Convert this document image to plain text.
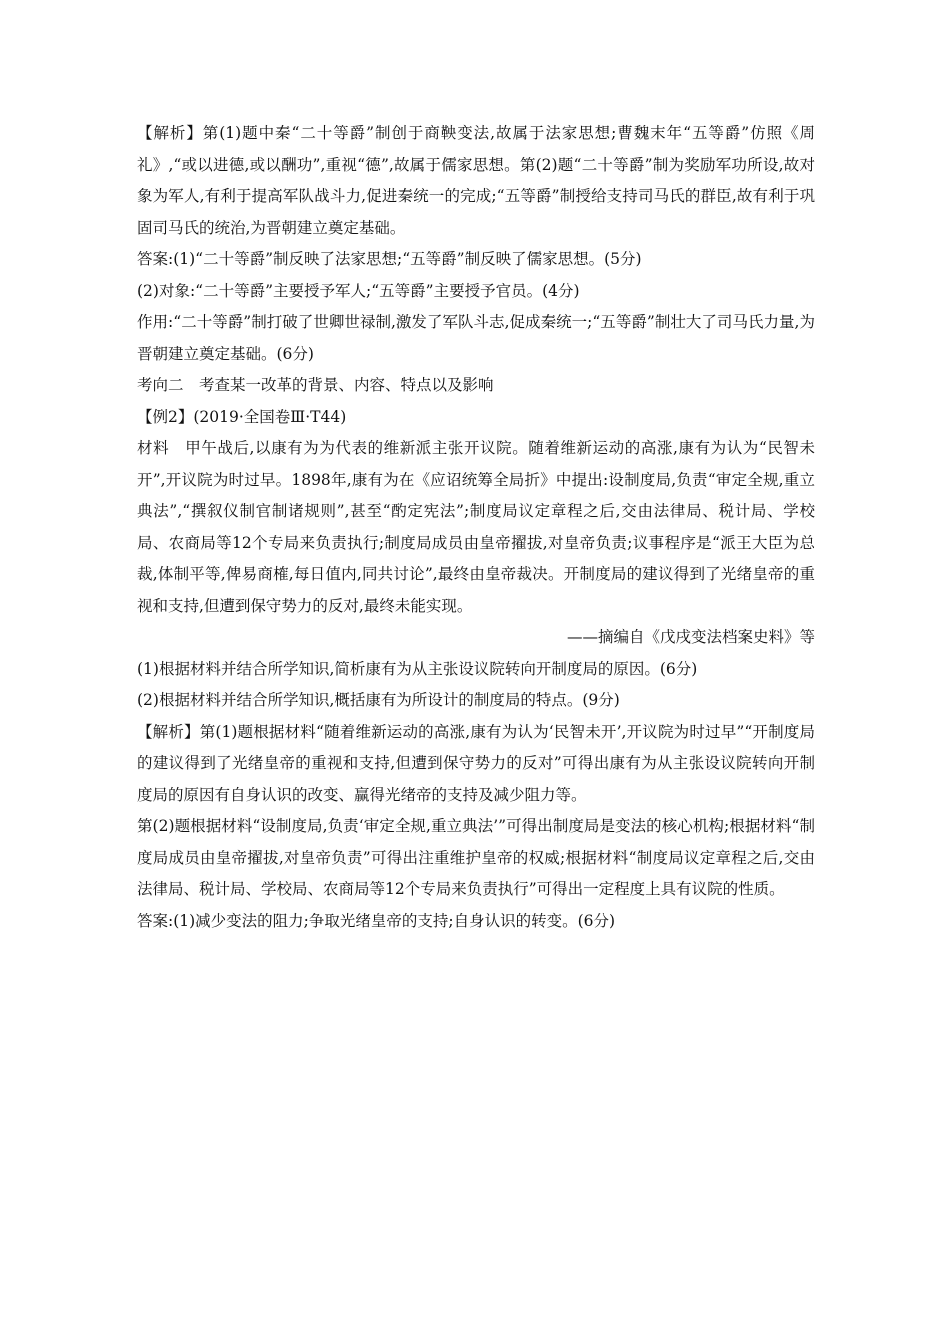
【解析】第(1)题中秦“二十等爵”制创于商鞅变法,故属于法家思想;曹魏末年“五等爵”仿照《周礼》,“或以进德,或以酬功”,重视“德”,故属于儒家思想。第(2)题“二十等爵”制为奖励军功所设,故对象为军人,有利于提高军队战斗力,促进秦统一的完成;“五等爵”制授给支持司马氏的群臣,故有利于巩固司马氏的统治,为晋朝建立奠定基础。

答案:(1)“二十等爵”制反映了法家思想;“五等爵”制反映了儒家思想。(5分)

(2)对象:“二十等爵”主要授予军人;“五等爵”主要授予官员。(4分)

作用:“二十等爵”制打破了世卿世禄制,激发了军队斗志,促成秦统一;“五等爵”制壮大了司马氏力量,为晋朝建立奠定基础。(6分)

考向二　考查某一改革的背景、内容、特点以及影响

【例2】(2019·全国卷Ⅲ·T44)

材料　甲午战后,以康有为为代表的维新派主张开议院。随着维新运动的高涨,康有为认为“民智未开”,开议院为时过早。1898年,康有为在《应诏统筹全局折》中提出:设制度局,负责“审定全规,重立典法”,“撰叙仪制官制诸规则”,甚至“酌定宪法”;制度局议定章程之后,交由法律局、税计局、学校局、农商局等12个专局来负责执行;制度局成员由皇帝擢拔,对皇帝负责;议事程序是“派王大臣为总裁,体制平等,俾易商榷,每日值内,同共讨论”,最终由皇帝裁决。开制度局的建议得到了光绪皇帝的重视和支持,但遭到保守势力的反对,最终未能实现。

——摘编自《戊戌变法档案史料》等

(1)根据材料并结合所学知识,简析康有为从主张设议院转向开制度局的原因。(6分)

(2)根据材料并结合所学知识,概括康有为所设计的制度局的特点。(9分)

【解析】第(1)题根据材料“随着维新运动的高涨,康有为认为‘民智未开’,开议院为时过早”“开制度局的建议得到了光绪皇帝的重视和支持,但遭到保守势力的反对”可得出康有为从主张设议院转向开制度局的原因有自身认识的改变、赢得光绪帝的支持及减少阻力等。

第(2)题根据材料“设制度局,负责‘审定全规,重立典法’”可得出制度局是变法的核心机构;根据材料“制度局成员由皇帝擢拔,对皇帝负责”可得出注重维护皇帝的权威;根据材料“制度局议定章程之后,交由法律局、税计局、学校局、农商局等12个专局来负责执行”可得出一定程度上具有议院的性质。

答案:(1)减少变法的阻力;争取光绪皇帝的支持;自身认识的转变。(6分)
